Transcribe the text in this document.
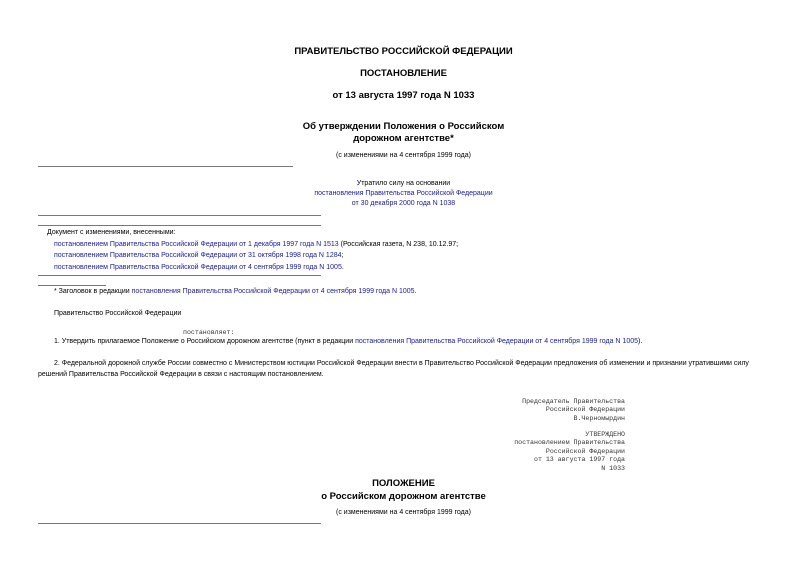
ПРАВИТЕЛЬСТВО РОССИЙСКОЙ ФЕДЕРАЦИИ
ПОСТАНОВЛЕНИЕ
от 13 августа 1997 года N 1033
Об утверждении Положения о Российском
дорожном агентстве*
(с изменениями на 4 сентября 1999 года)
Утратило силу на основании
постановления Правительства Российской Федерации
от 30 декабря 2000 года N 1038
Документ с изменениями, внесенными:
постановлением Правительства Российской Федерации от 1 декабря 1997 года N 1513 (Российская газета, N 238, 10.12.97;
постановлением Правительства Российской Федерации от 31 октября 1998 года N 1284;
постановлением Правительства Российской Федерации от 4 сентября 1999 года N 1005.
* Заголовок в редакции постановления Правительства Российской Федерации от 4 сентября 1999 года N 1005.
Правительство Российской Федерации
постановляет:
1. Утвердить прилагаемое Положение о Российском дорожном агентстве (пункт в редакции постановления Правительства Российской Федерации от 4 сентября 1999 года N 1005).
2. Федеральной дорожной службе России совместно с Министерством юстиции Российской Федерации внести в Правительство Российской Федерации предложения об изменении и признании утратившими силу
решений Правительства Российской Федерации в связи с настоящим постановлением.
Председатель Правительства
Российской Федерации
В.Черномырдин
УТВЕРЖДЕНО
постановлением Правительства
Российской Федерации
от 13 августа 1997 года
N 1033
ПОЛОЖЕНИЕ
о Российском дорожном агентстве
(с изменениями на 4 сентября 1999 года)
